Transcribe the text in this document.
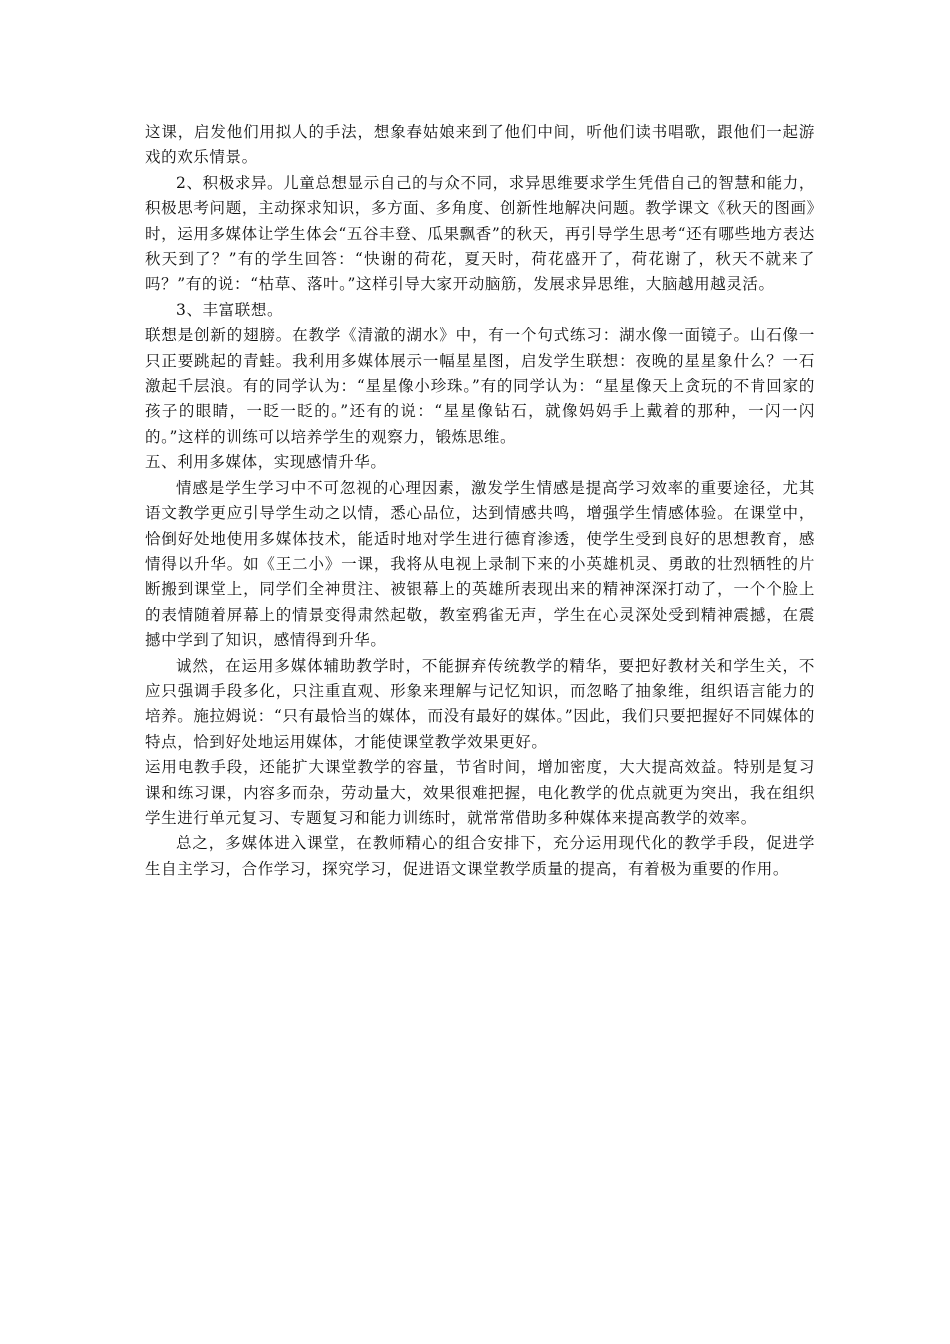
这课，启发他们用拟人的手法，想象春姑娘来到了他们中间，听他们读书唱歌，跟他们一起游戏的欢乐情景。

2、积极求异。儿童总想显示自己的与众不同，求异思维要求学生凭借自己的智慧和能力，积极思考问题，主动探求知识，多方面、多角度、创新性地解决问题。教学课文《秋天的图画》时，运用多媒体让学生体会“五谷丰登、瓜果飘香”的秋天，再引导学生思考“还有哪些地方表达秋天到了？”有的学生回答：“快谢的荷花，夏天时，荷花盛开了，荷花谢了，秋天不就来了吗？”有的说：“枯草、落叶。”这样引导大家开动脑筋，发展求异思维，大脑越用越灵活。

3、丰富联想。

联想是创新的翅膀。在教学《清澈的湖水》中，有一个句式练习：湖水像一面镜子。山石像一只正要跳起的青蛙。我利用多媒体展示一幅星星图，启发学生联想：夜晚的星星象什么？一石激起千层浪。有的同学认为：“星星像小珍珠。”有的同学认为：“星星像天上贪玩的不肯回家的孩子的眼睛，一眨一眨的。”还有的说：“星星像钻石，就像妈妈手上戴着的那种，一闪一闪的。”这样的训练可以培养学生的观察力，锻炼思维。

五、利用多媒体，实现感情升华。

情感是学生学习中不可忽视的心理因素，激发学生情感是提高学习效率的重要途径，尤其语文教学更应引导学生动之以情，悉心品位，达到情感共鸣，增强学生情感体验。在课堂中，恰倒好处地使用多媒体技术，能适时地对学生进行德育渗透，使学生受到良好的思想教育，感情得以升华。如《王二小》一课，我将从电视上录制下来的小英雄机灵、勇敢的壮烈牺牲的片断搬到课堂上，同学们全神贯注、被银幕上的英雄所表现出来的精神深深打动了，一个个脸上的表情随着屏幕上的情景变得肃然起敬，教室鸦雀无声，学生在心灵深处受到精神震撼，在震撼中学到了知识，感情得到升华。

诚然，在运用多媒体辅助教学时，不能摒弃传统教学的精华，要把好教材关和学生关，不应只强调手段多化，只注重直观、形象来理解与记忆知识，而忽略了抽象维，组织语言能力的培养。施拉姆说：“只有最恰当的媒体，而没有最好的媒体。”因此，我们只要把握好不同媒体的特点，恰到好处地运用媒体，才能使课堂教学效果更好。

运用电教手段，还能扩大课堂教学的容量，节省时间，增加密度，大大提高效益。特别是复习课和练习课，内容多而杂，劳动量大，效果很难把握，电化教学的优点就更为突出，我在组织学生进行单元复习、专题复习和能力训练时，就常常借助多种媒体来提高教学的效率。

总之，多媒体进入课堂，在教师精心的组合安排下，充分运用现代化的教学手段，促进学生自主学习，合作学习，探究学习，促进语文课堂教学质量的提高，有着极为重要的作用。
